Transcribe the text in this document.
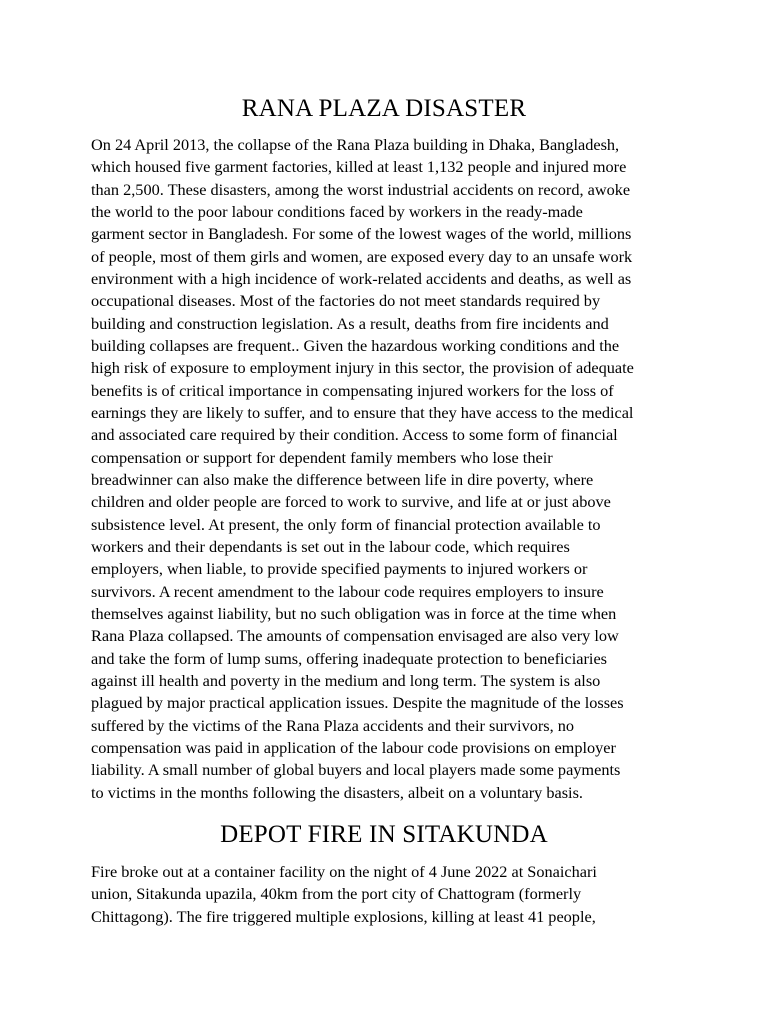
RANA PLAZA DISASTER

On 24 April 2013, the collapse of the Rana Plaza building in Dhaka, Bangladesh,

which housed five garment factories, killed at least 1,132 people and injured more

than 2,500. These disasters, among the worst industrial accidents on record, awoke

the world to the poor labour conditions faced by workers in the ready-made

garment sector in Bangladesh. For some of the lowest wages of the world, millions

of people, most of them girls and women, are exposed every day to an unsafe work

environment with a high incidence of work-related accidents and deaths, as well as

occupational diseases. Most of the factories do not meet standards required by

building and construction legislation. As a result, deaths from fire incidents and

building collapses are frequent.. Given the hazardous working conditions and the

high risk of exposure to employment injury in this sector, the provision of adequate

benefits is of critical importance in compensating injured workers for the loss of

earnings they are likely to suffer, and to ensure that they have access to the medical

and associated care required by their condition. Access to some form of financial

compensation or support for dependent family members who lose their

breadwinner can also make the difference between life in dire poverty, where

children and older people are forced to work to survive, and life at or just above

subsistence level. At present, the only form of financial protection available to

workers and their dependants is set out in the labour code, which requires

employers, when liable, to provide specified payments to injured workers or

survivors. A recent amendment to the labour code requires employers to insure

themselves against liability, but no such obligation was in force at the time when

Rana Plaza collapsed. The amounts of compensation envisaged are also very low

and take the form of lump sums, offering inadequate protection to beneficiaries

against ill health and poverty in the medium and long term. The system is also

plagued by major practical application issues. Despite the magnitude of the losses

suffered by the victims of the Rana Plaza accidents and their survivors, no

compensation was paid in application of the labour code provisions on employer

liability. A small number of global buyers and local players made some payments

to victims in the months following the disasters, albeit on a voluntary basis.

DEPOT FIRE IN SITAKUNDA

Fire broke out at a container facility on the night of 4 June 2022 at Sonaichari

union, Sitakunda upazila, 40km from the port city of Chattogram (formerly

Chittagong). The fire triggered multiple explosions, killing at least 41 people,
